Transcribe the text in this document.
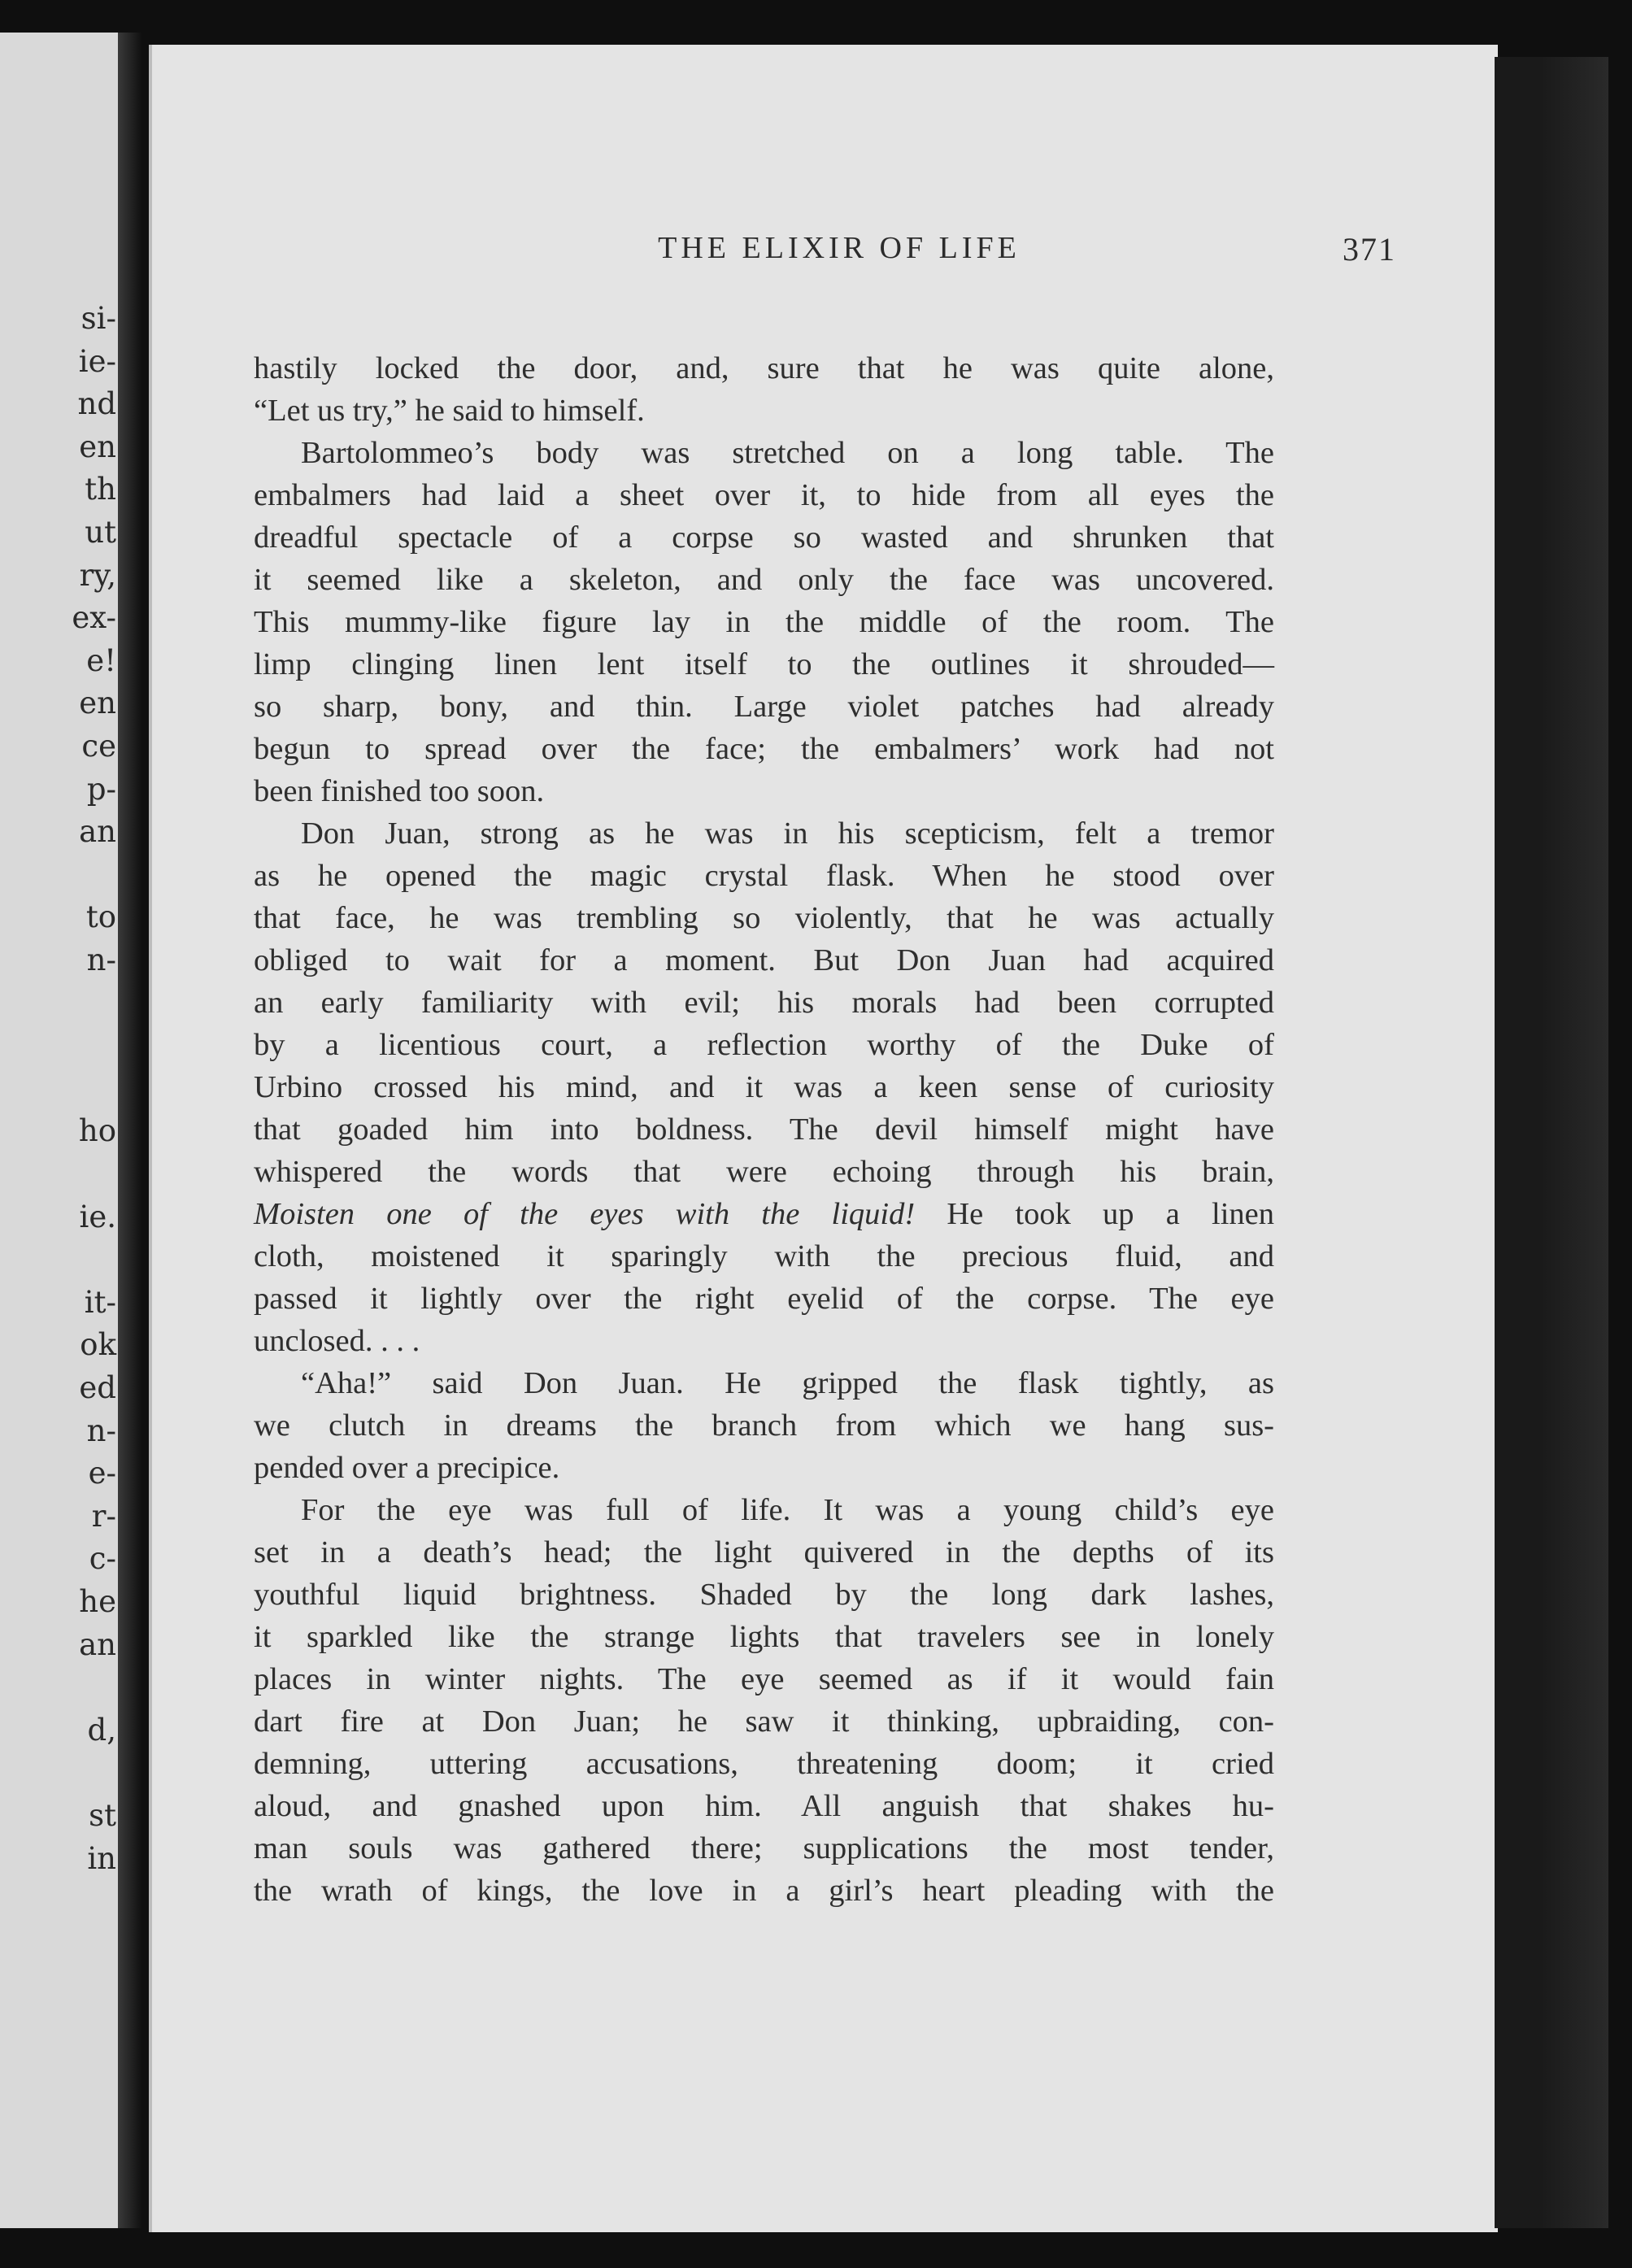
si-
ie-
nd
en
th
ut
ry,
ex-
e!
en
ce
p-
an
to
n-
ho
ie.
it-
ok
ed
n-
e-
r-
c-
he
an
d,
st
in
THE ELIXIR OF LIFE	371
hastily locked the door, and, sure that he was quite alone,
“Let us try,” he said to himself.
Bartolommeo’s body was stretched on a long table. The
embalmers had laid a sheet over it, to hide from all eyes the
dreadful spectacle of a corpse so wasted and shrunken that
it seemed like a skeleton, and only the face was uncovered.
This mummy-like figure lay in the middle of the room. The
limp clinging linen lent itself to the outlines it shrouded—
so sharp, bony, and thin. Large violet patches had already
begun to spread over the face; the embalmers’ work had not
been finished too soon.
Don Juan, strong as he was in his scepticism, felt a tremor
as he opened the magic crystal flask. When he stood over
that face, he was trembling so violently, that he was actually
obliged to wait for a moment. But Don Juan had acquired
an early familiarity with evil; his morals had been corrupted
by a licentious court, a reflection worthy of the Duke of
Urbino crossed his mind, and it was a keen sense of curiosity
that goaded him into boldness. The devil himself might have
whispered the words that were echoing through his brain,
Moisten one of the eyes with the liquid! He took up a linen
cloth, moistened it sparingly with the precious fluid, and
passed it lightly over the right eyelid of the corpse. The eye
unclosed. . . .
“Aha!” said Don Juan. He gripped the flask tightly, as
we clutch in dreams the branch from which we hang sus-
pended over a precipice.
For the eye was full of life. It was a young child’s eye
set in a death’s head; the light quivered in the depths of its
youthful liquid brightness. Shaded by the long dark lashes,
it sparkled like the strange lights that travelers see in lonely
places in winter nights. The eye seemed as if it would fain
dart fire at Don Juan; he saw it thinking, upbraiding, con-
demning, uttering accusations, threatening doom; it cried
aloud, and gnashed upon him. All anguish that shakes hu-
man souls was gathered there; supplications the most tender,
the wrath of kings, the love in a girl’s heart pleading with the
